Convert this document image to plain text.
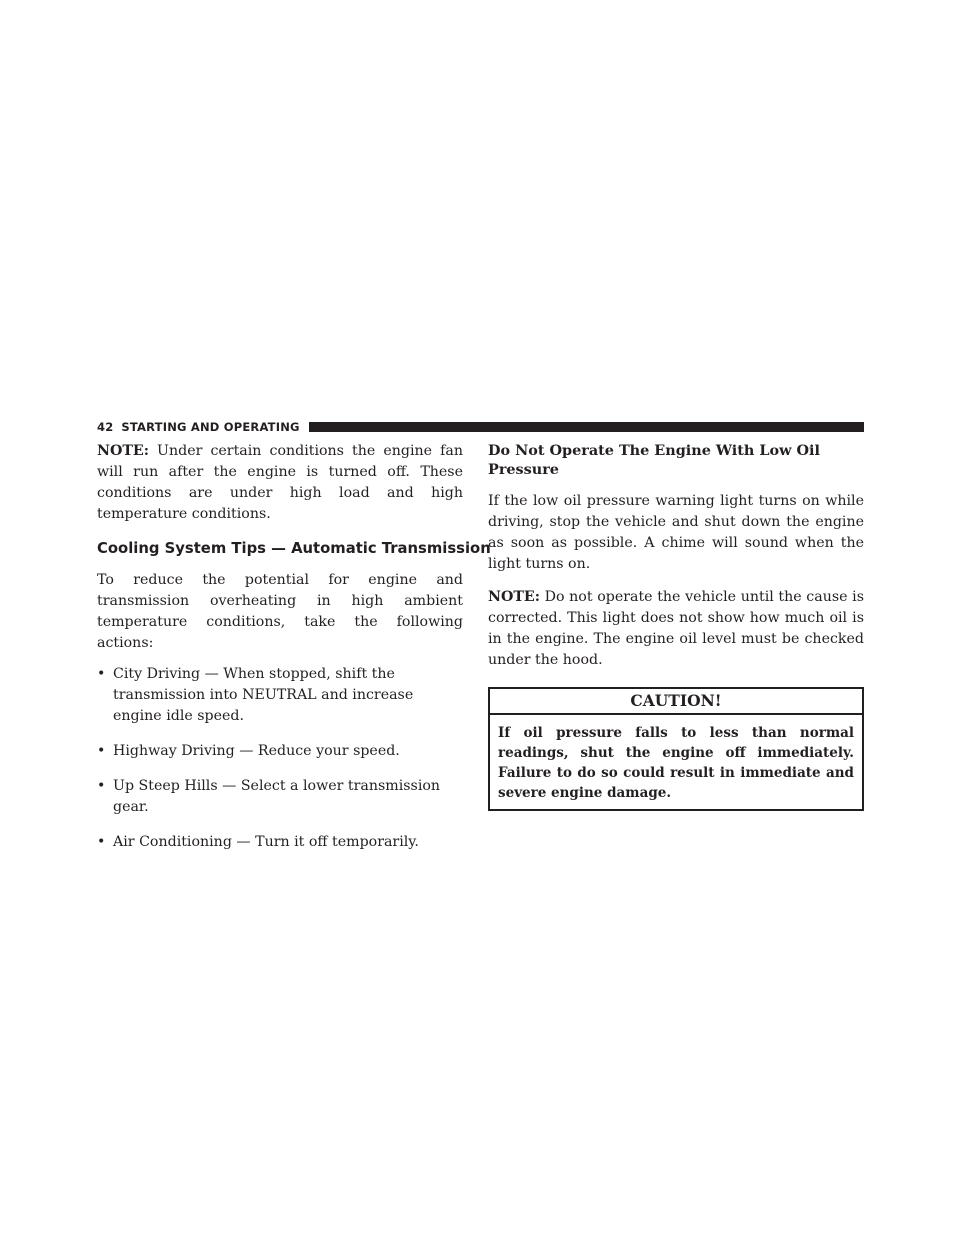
42 STARTING AND OPERATING

NOTE: Under certain conditions the engine fan will run after the engine is turned off. These conditions are under high load and high temperature conditions.

Cooling System Tips — Automatic Transmission

To reduce the potential for engine and transmission overheating in high ambient temperature conditions, take the following actions:

• City Driving — When stopped, shift the transmission into NEUTRAL and increase engine idle speed.
• Highway Driving — Reduce your speed.
• Up Steep Hills — Select a lower transmission gear.
• Air Conditioning — Turn it off temporarily.
Do Not Operate The Engine With Low Oil Pressure

If the low oil pressure warning light turns on while driving, stop the vehicle and shut down the engine as soon as possible. A chime will sound when the light turns on.

NOTE: Do not operate the vehicle until the cause is corrected. This light does not show how much oil is in the engine. The engine oil level must be checked under the hood.

CAUTION!
If oil pressure falls to less than normal readings, shut the engine off immediately. Failure to do so could result in immediate and severe engine damage.
